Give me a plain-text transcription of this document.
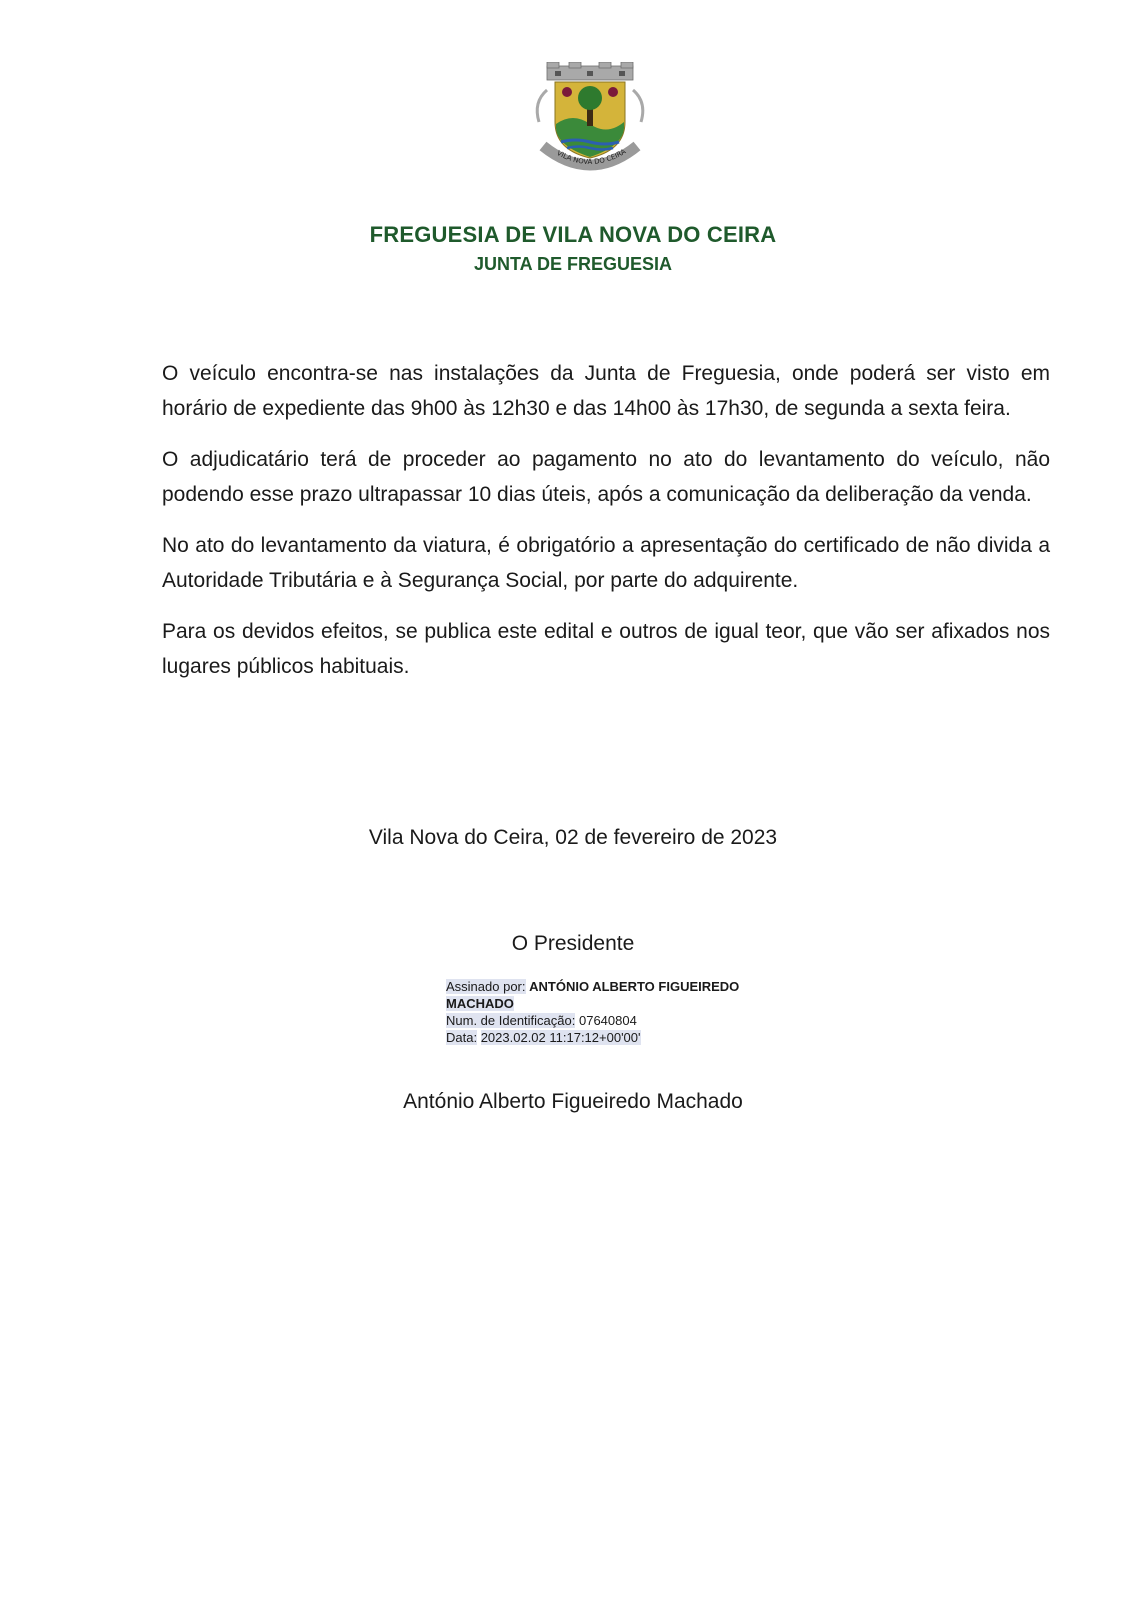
VILA NOVA DO CEIRA
FREGUESIA DE VILA NOVA DO CEIRA
JUNTA DE FREGUESIA

O veículo encontra-se nas instalações da Junta de Freguesia, onde poderá ser visto em horário de expediente das 9h00 às 12h30 e das 14h00 às 17h30, de segunda a sexta feira.

O adjudicatário terá de proceder ao pagamento no ato do levantamento do veículo, não podendo esse prazo ultrapassar 10 dias úteis, após a comunicação da deliberação da venda.

No ato do levantamento da viatura, é obrigatório a apresentação do certificado de não divida a Autoridade Tributária e à Segurança Social, por parte do adquirente.

Para os devidos efeitos, se publica este edital e outros de igual teor, que vão ser afixados nos lugares públicos habituais.

Vila Nova do Ceira, 02 de fevereiro de 2023
O Presidente
Assinado por: ANTÓNIO ALBERTO FIGUEIREDO
MACHADO
Num. de Identificação: 07640804
Data: 2023.02.02 11:17:12+00'00'
António Alberto Figueiredo Machado
